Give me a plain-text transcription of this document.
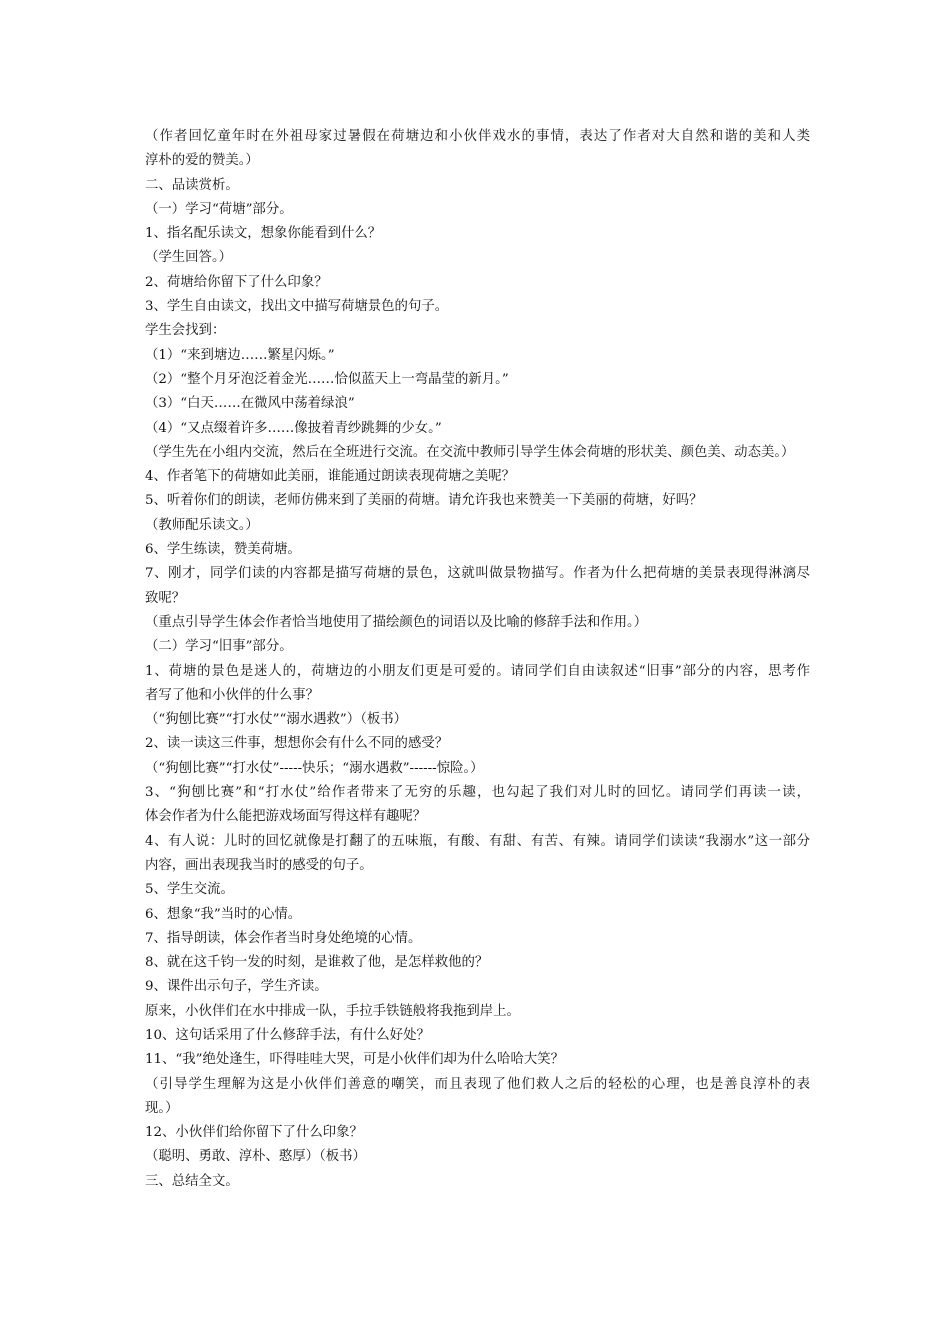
（作者回忆童年时在外祖母家过暑假在荷塘边和小伙伴戏水的事情，表达了作者对大自然和谐的美和人类
淳朴的爱的赞美。）
二、品读赏析。
（一）学习“荷塘”部分。
1、指名配乐读文，想象你能看到什么？
（学生回答。）
2、荷塘给你留下了什么印象？
3、学生自由读文，找出文中描写荷塘景色的句子。
学生会找到：
（1）“来到塘边……繁星闪烁。”
（2）“整个月牙泡泛着金光……恰似蓝天上一弯晶莹的新月。”
（3）“白天……在微风中荡着绿浪”
（4）“又点缀着许多……像披着青纱跳舞的少女。”
（学生先在小组内交流，然后在全班进行交流。在交流中教师引导学生体会荷塘的形状美、颜色美、动态美。）
4、作者笔下的荷塘如此美丽，谁能通过朗读表现荷塘之美呢？
5、听着你们的朗读，老师仿佛来到了美丽的荷塘。请允许我也来赞美一下美丽的荷塘，好吗？
（教师配乐读文。）
6、学生练读，赞美荷塘。
7、刚才，同学们读的内容都是描写荷塘的景色，这就叫做景物描写。作者为什么把荷塘的美景表现得淋漓尽
致呢？
（重点引导学生体会作者恰当地使用了描绘颜色的词语以及比喻的修辞手法和作用。）
（二）学习“旧事”部分。
1、荷塘的景色是迷人的，荷塘边的小朋友们更是可爱的。请同学们自由读叙述“旧事”部分的内容，思考作
者写了他和小伙伴的什么事？
（“狗刨比赛”“打水仗”“溺水遇救”）（板书）
2、读一读这三件事，想想你会有什么不同的感受？
（“狗刨比赛”“打水仗”-----快乐；“溺水遇救”------惊险。）
3、“狗刨比赛”和“打水仗”给作者带来了无穷的乐趣，也勾起了我们对儿时的回忆。请同学们再读一读，
体会作者为什么能把游戏场面写得这样有趣呢？
4、有人说：儿时的回忆就像是打翻了的五味瓶，有酸、有甜、有苦、有辣。请同学们读读“我溺水”这一部分
内容，画出表现我当时的感受的句子。
5、学生交流。
6、想象“我”当时的心情。
7、指导朗读，体会作者当时身处绝境的心情。
8、就在这千钧一发的时刻，是谁救了他，是怎样救他的？
9、课件出示句子，学生齐读。
原来，小伙伴们在水中排成一队，手拉手铁链般将我拖到岸上。
10、这句话采用了什么修辞手法，有什么好处？
11、“我”绝处逢生，吓得哇哇大哭，可是小伙伴们却为什么哈哈大笑？
（引导学生理解为这是小伙伴们善意的嘲笑，而且表现了他们救人之后的轻松的心理，也是善良淳朴的表
现。）
12、小伙伴们给你留下了什么印象？
（聪明、勇敢、淳朴、憨厚）（板书）
三、总结全文。
